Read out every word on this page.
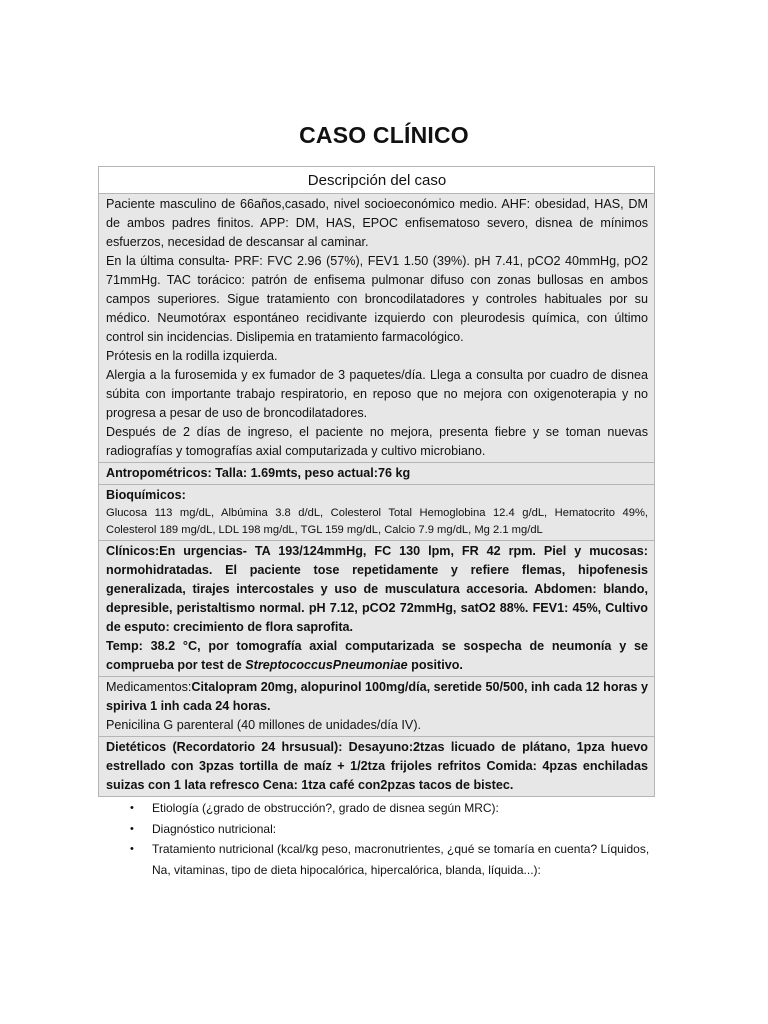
CASO CLÍNICO
Descripción del caso

Paciente masculino de 66años,casado, nivel socioeconómico medio. AHF: obesidad, HAS, DM de ambos padres finitos. APP: DM, HAS, EPOC enfisematoso severo, disnea de mínimos esfuerzos, necesidad de descansar al caminar.

En la última consulta- PRF: FVC 2.96 (57%), FEV1 1.50 (39%). pH 7.41, pCO2 40mmHg, pO2 71mmHg. TAC torácico: patrón de enfisema pulmonar difuso con zonas bullosas en ambos campos superiores. Sigue tratamiento con broncodilatadores y controles habituales por su médico. Neumotórax espontáneo recidivante izquierdo con pleurodesis química, con último control sin incidencias. Dislipemia en tratamiento farmacológico.

Prótesis en la rodilla izquierda.

Alergia a la furosemida y ex fumador de 3 paquetes/día. Llega a consulta por cuadro de disnea súbita con importante trabajo respiratorio, en reposo que no mejora con oxigenoterapia y no progresa a pesar de uso de broncodilatadores.

Después de 2 días de ingreso, el paciente no mejora, presenta fiebre y se toman nuevas radiografías y tomografías axial computarizada y cultivo microbiano.

Antropométricos: Talla: 1.69mts, peso actual:76 kg

Bioquímicos:
Glucosa 113 mg/dL, Albúmina 3.8 d/dL, Colesterol Total Hemoglobina 12.4 g/dL, Hematocrito 49%, Colesterol 189 mg/dL, LDL 198 mg/dL, TGL 159 mg/dL, Calcio 7.9 mg/dL, Mg 2.1 mg/dL

Clínicos:En urgencias- TA 193/124mmHg, FC 130 lpm, FR 42 rpm. Piel y mucosas: normohidratadas. El paciente tose repetidamente y refiere flemas, hipofenesis generalizada, tirajes intercostales y uso de musculatura accesoria. Abdomen: blando, depresible, peristaltismo normal. pH 7.12, pCO2 72mmHg, satO2 88%. FEV1: 45%, Cultivo de esputo: crecimiento de flora saprofita.

Temp: 38.2 °C, por tomografía axial computarizada se sospecha de neumonía y se comprueba por test de StreptococcusPneumoniae positivo.

Medicamentos:Citalopram 20mg, alopurinol 100mg/día, seretide 50/500, inh cada 12 horas y spiriva 1 inh cada 24 horas.

Penicilina G parenteral (40 millones de unidades/día IV).

Dietéticos (Recordatorio 24 hrsusual): Desayuno:2tzas licuado de plátano, 1pza huevo estrellado con 3pzas tortilla de maíz + 1/2tza frijoles refritos Comida: 4pzas enchiladas suizas con 1 lata refresco Cena: 1tza café con2pzas tacos de bistec.
• Etiología (¿grado de obstrucción?, grado de disnea según MRC):
• Diagnóstico nutricional:
• Tratamiento nutricional (kcal/kg peso, macronutrientes, ¿qué se tomaría en cuenta? Líquidos, Na, vitaminas, tipo de dieta hipocalórica, hipercalórica, blanda, líquida...):
